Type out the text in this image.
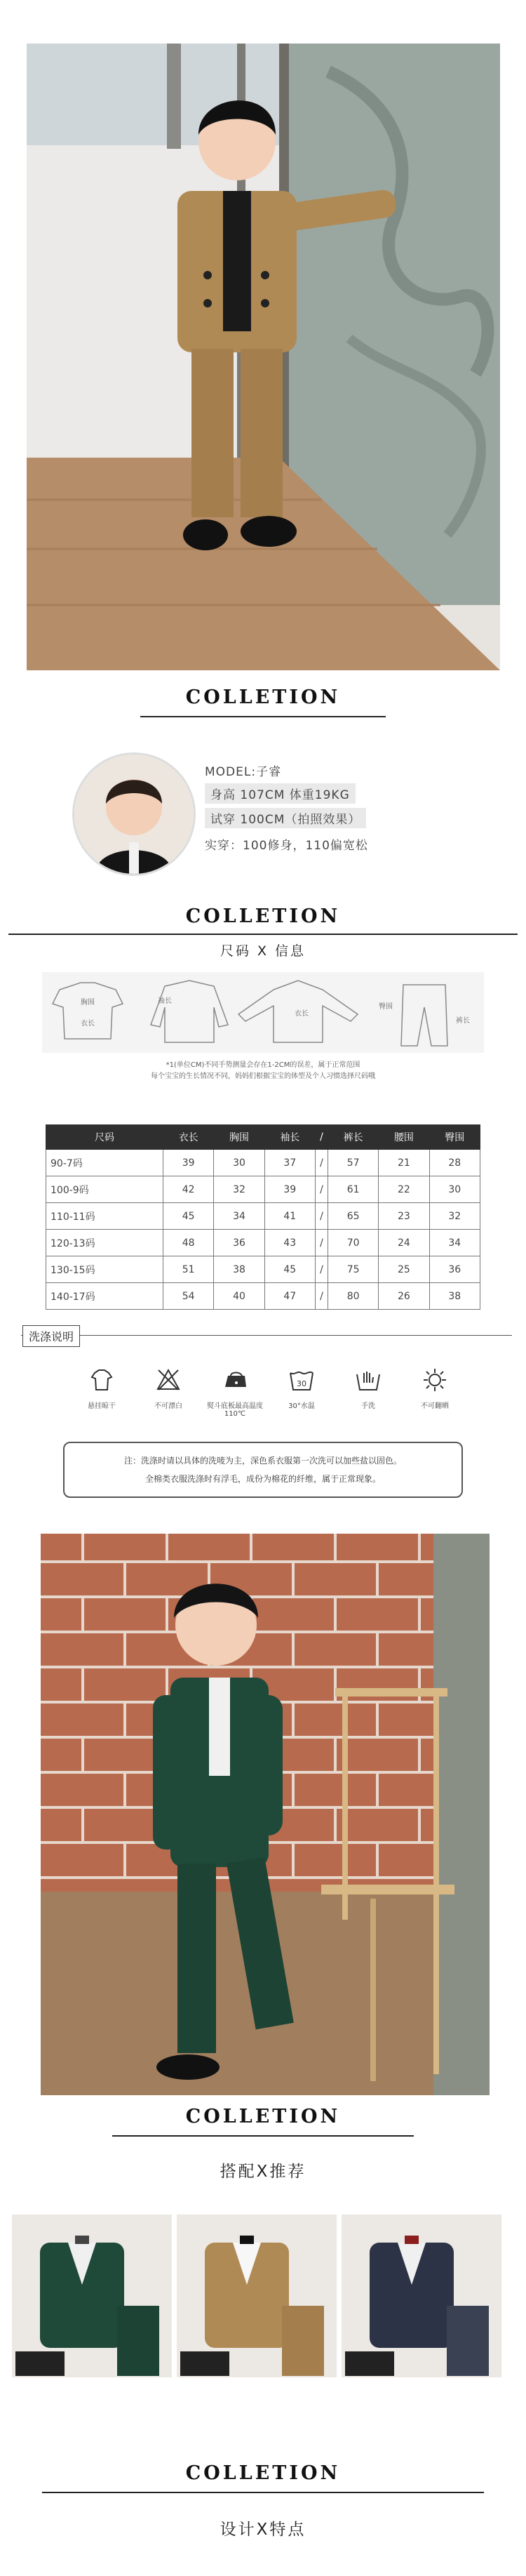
COLLETION
MODEL:子睿
身高 107CM 体重19KG
试穿 100CM（拍照效果）
实穿：100修身，110偏宽松
COLLETION
尺码 X 信息
胸围
衣长
袖长
衣长
臀围
裤长
*1(单位CM)不同手势测量会存在1-2CM的误差，属于正常范围
每个宝宝的生长情况不同，妈妈们根据宝宝的体型及个人习惯选择尺码哦
尺码	衣长	胸围	袖长	/	裤长	腰围	臀围
90-7码	39	30	37	/	57	21	28
100-9码	42	32	39	/	61	22	30
110-11码	45	34	41	/	65	23	32
120-13码	48	36	43	/	70	24	34
130-15码	51	38	45	/	75	25	36
140-17码	54	40	47	/	80	26	38
洗涤说明
悬挂晾干	不可漂白	熨斗底板最高温度110℃
30
30°水温	手洗	不可翻晒
注：洗涤时请以具体的洗唛为主，深色系衣服第一次洗可以加些盐以固色。
全棉类衣服洗涤时有浮毛，成份为棉花的纤维，属于正常现象。
COLLETION
搭配X推荐
COLLETION
设计X特点
